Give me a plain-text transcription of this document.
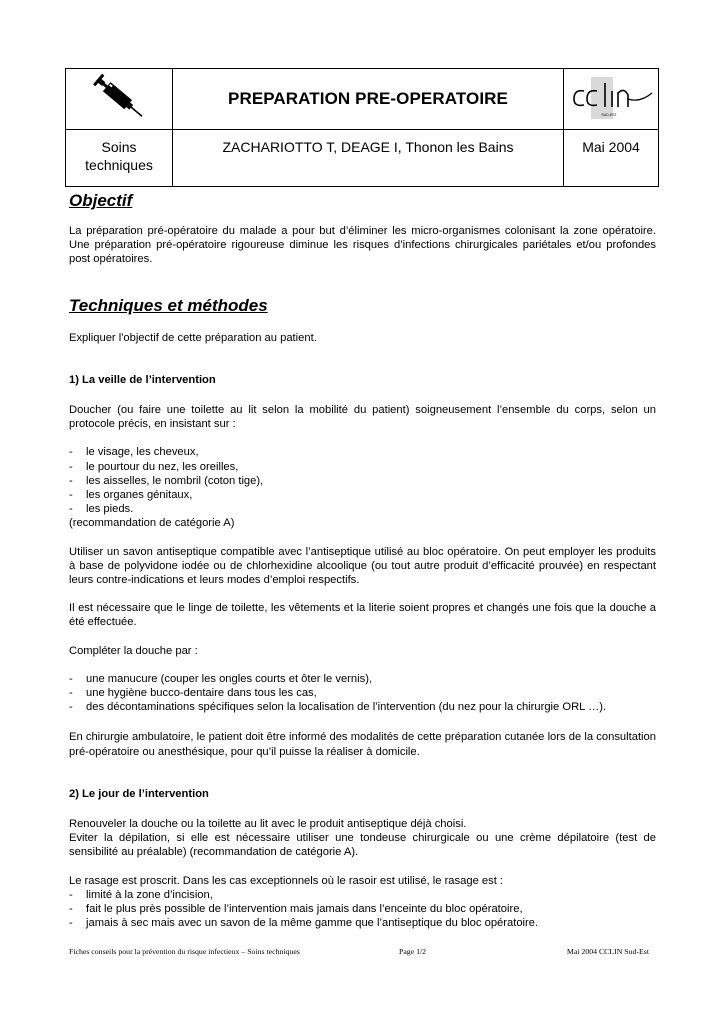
	PREPARATION PRE-OPERATOIRE	SUD-EST

Soins techniques	ZACHARIOTTO T, DEAGE I, Thonon les Bains	Mai 2004
Objectif

La préparation pré-opératoire du malade a pour but d’éliminer les micro-organismes colonisant la zone opératoire. Une préparation pré-opératoire rigoureuse diminue les risques d’infections chirurgicales pariétales et/ou profondes post opératoires.

Techniques et méthodes

Expliquer l'objectif de cette préparation au patient.

1) La veille de l’intervention

Doucher (ou faire une toilette au lit selon la mobilité du patient) soigneusement l’ensemble du corps, selon un protocole précis, en insistant sur :

- le visage, les cheveux,
- le pourtour du nez, les oreilles,
- les aisselles, le nombril (coton tige),
- les organes génitaux,
- les pieds.

(recommandation de catégorie A)

Utiliser un savon antiseptique compatible avec l’antiseptique utilisé au bloc opératoire. On peut employer les produits à base de polyvidone iodée ou de chlorhexidine alcoolique (ou tout autre produit d’efficacité prouvée) en respectant leurs contre-indications et leurs modes d’emploi respectifs.

Il est nécessaire que le linge de toilette, les vêtements et la literie soient propres et changés une fois que la douche a été effectuée.

Compléter la douche par :

- une manucure (couper les ongles courts et ôter le vernis),
- une hygiène bucco-dentaire dans tous les cas,
- des décontaminations spécifiques selon la localisation de l’intervention (du nez pour la chirurgie ORL …).

En chirurgie ambulatoire, le patient doit être informé des modalités de cette préparation cutanée lors de la consultation pré-opératoire ou anesthésique, pour qu’il puisse la réaliser à domicile.

2) Le jour de l’intervention

Renouveler la douche ou la toilette au lit avec le produit antiseptique déjà choisi.

Eviter la dépilation, si elle est nécessaire utiliser une tondeuse chirurgicale ou une crème dépilatoire (test de sensibilité au préalable) (recommandation de catégorie A).

Le rasage est proscrit. Dans les cas exceptionnels où le rasoir est utilisé, le rasage est :

- limité à la zone d’incision,
- fait le plus près possible de l’intervention mais jamais dans l’enceinte du bloc opératoire,
- jamais à sec mais avec un savon de la même gamme que l’antiseptique du bloc opératoire.
Fiches conseils pour la prévention du risque infectieux – Soins techniques	Page 1/2	Mai 2004 CCLIN Sud-Est
